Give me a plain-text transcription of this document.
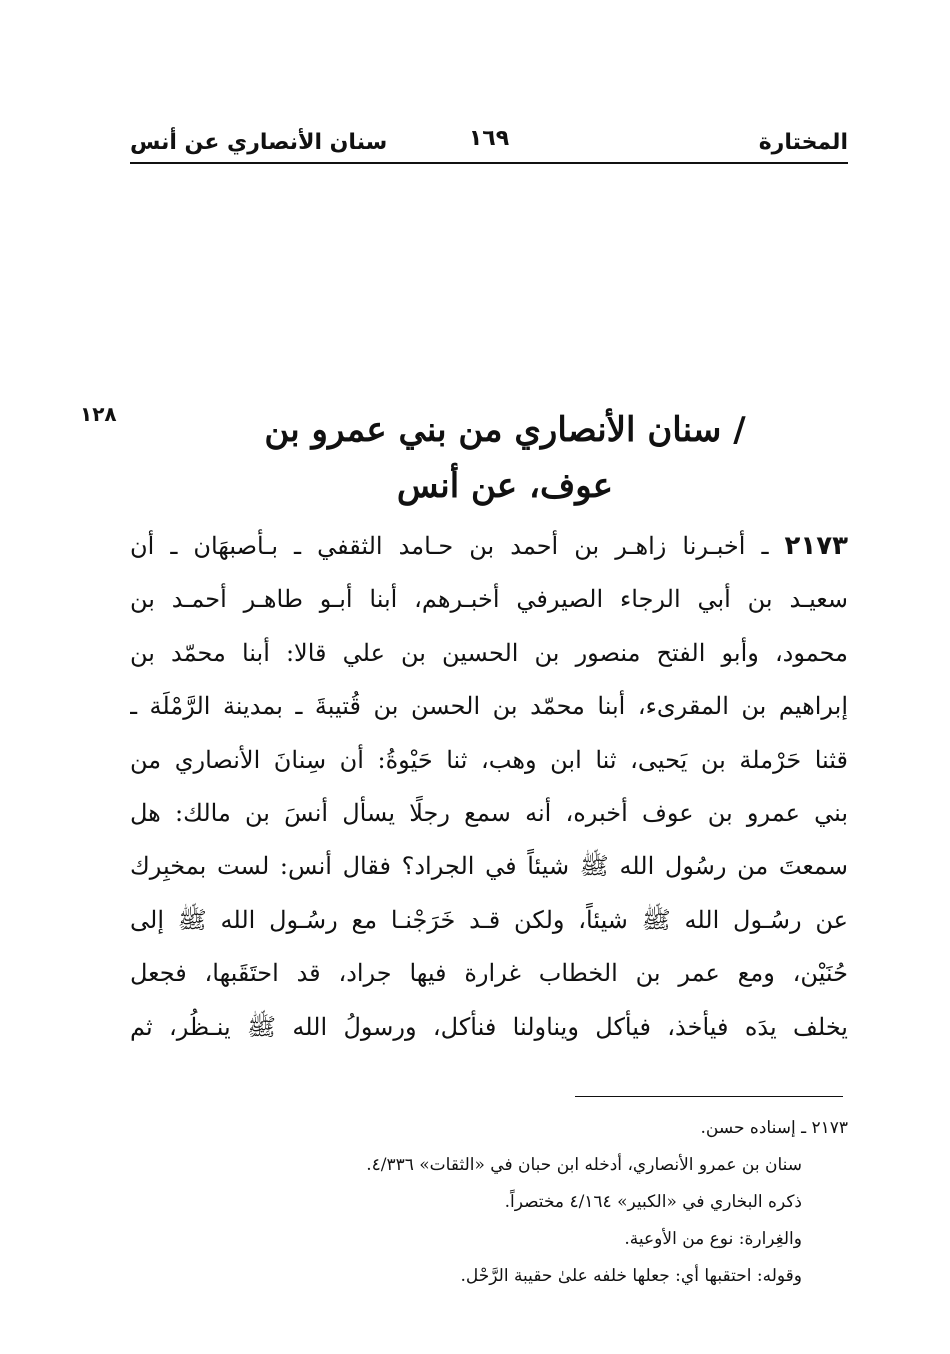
المختارة
١٦٩
سنان الأنصاري عن أنس
١٢٨	/ سنان الأنصاري من بني عمرو بن
عوف، عن أنس
٢١٧٣ ـ أخبـرنا زاهـر بن أحمد بن حـامد الثقفي ـ بـأصبهَان ـ أن
سعيـد بن أبي الرجاء الصيرفي أخبـرهم، أبنا أبـو طاهـر أحمـد بن
محمود، وأبو الفتح منصور بن الحسين بن علي قالا: أبنا محمّد بن
إبراهيم بن المقرىء، أبنا محمّد بن الحسن بن قُتيبةَ ـ بمدينة الرَّمْلَة ـ
قثنا حَرْملة بن يَحيى، ثنا ابن وهب، ثنا حَيْوةُ: أن سِنانَ الأنصاري من
بني عمرو بن عوف أخبره، أنه سمع رجلًا يسأل أنسَ بن مالك: هل
سمعتَ من رسُول الله ﷺ شيئاً في الجراد؟ فقال أنس: لست بمخبِرك
عن رسُـول الله ﷺ شيئاً، ولكن قـد خَرَجْنـا مع رسُـول الله ﷺ إلى
حُنَيْن، ومع عمر بن الخطاب غرارة فيها جراد، قد احتَقَبها، فجعل
يخلف يدَه فيأخذ، فيأكل ويناولنا فنأكل، ورسولُ الله ﷺ ينـظُر، ثم
٢١٧٣ ـ إسناده حسن.
سنان بن عمرو الأنصاري، أدخله ابن حبان في «الثقات» ٤/٣٣٦.
ذكره البخاري في «الكبير» ٤/١٦٤ مختصراً.
والغِرارة: نوع من الأوعية.
وقوله: احتقبها أي: جعلها خلفه علىٰ حقيبة الرَّحْل.
